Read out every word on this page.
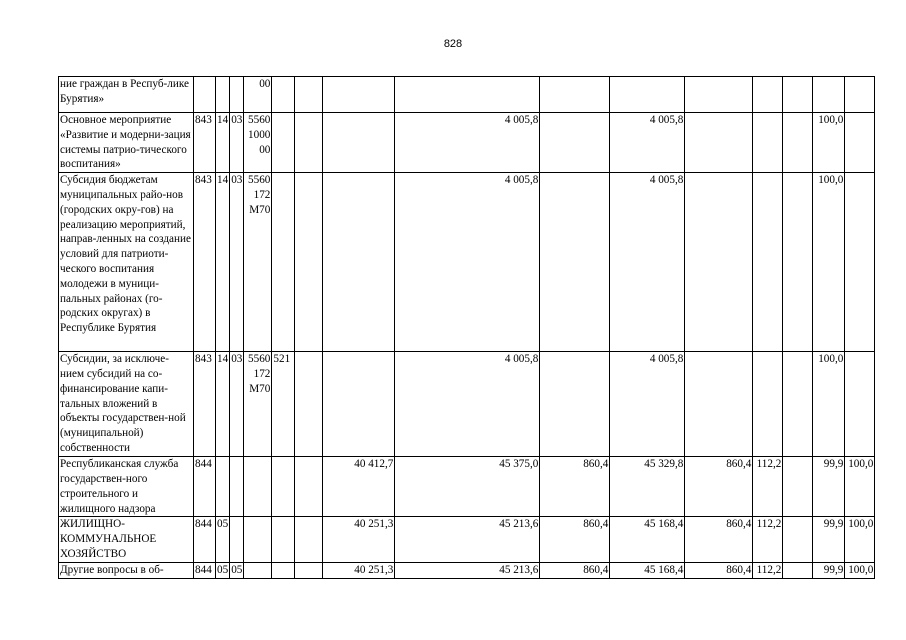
828
ние граждан в Респуб-лике Бурятия»				00											
Основное мероприятие «Развитие и модерни-зация системы патрио-тического воспитания»	843	14	03	5560 1000 00				4 005,8		4 005,8				100,0	
Субсидия бюджетам муниципальных райо-нов (городских окру-гов) на реализацию мероприятий, направ-ленных на создание условий для патриоти-ческого воспитания молодежи в муници-пальных районах (го-родских округах) в Республике Бурятия	843	14	03	5560 172 M70				4 005,8		4 005,8				100,0	
Субсидии, за исключе-нием субсидий на со-финансирование капи-тальных вложений в объекты государствен-ной (муниципальной) собственности	843	14	03	5560 172 M70	521			4 005,8		4 005,8				100,0	
Республиканская служба государствен-ного строительного и жилищного надзора	844						40 412,7	45 375,0	860,4	45 329,8	860,4	112,2		99,9	100,0
ЖИЛИЩНО-КОММУНАЛЬНОЕ ХОЗЯЙСТВО	844	05					40 251,3	45 213,6	860,4	45 168,4	860,4	112,2		99,9	100,0
Другие вопросы в об-	844	05	05				40 251,3	45 213,6	860,4	45 168,4	860,4	112,2		99,9	100,0
